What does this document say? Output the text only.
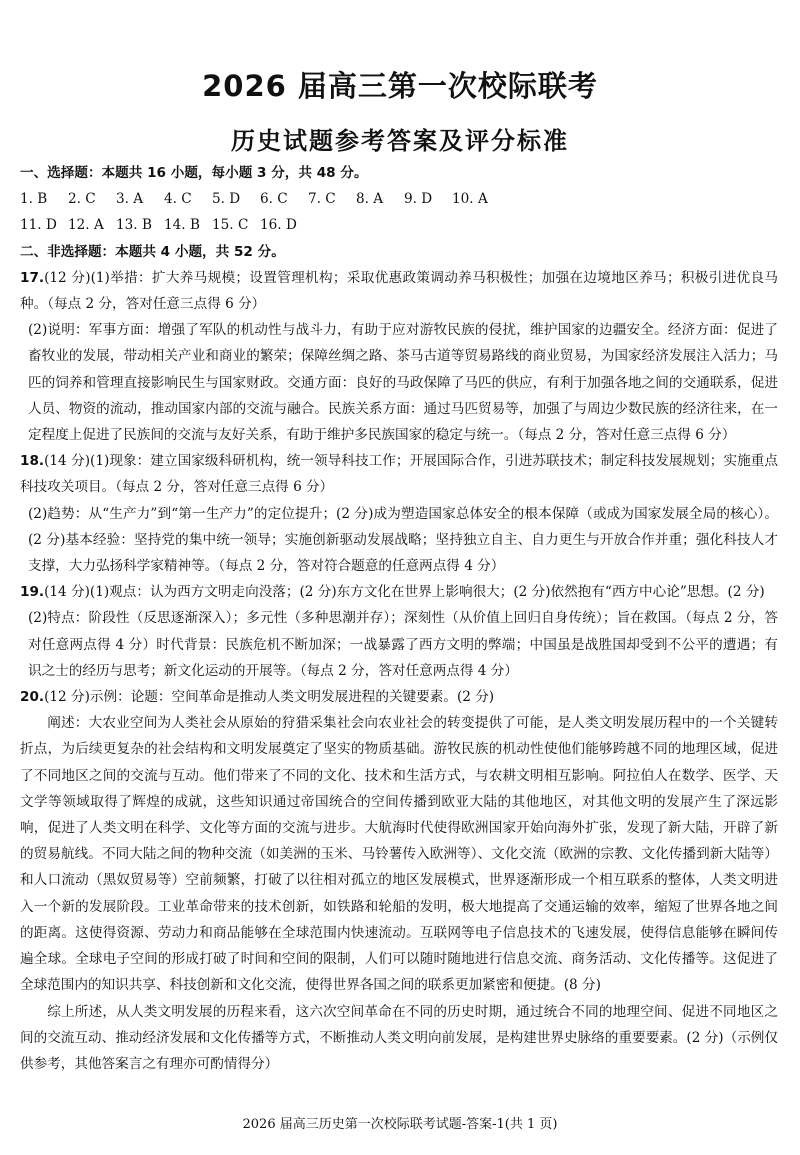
2026 届高三第一次校际联考
历史试题参考答案及评分标准
一、选择题：本题共 16 小题，每小题 3 分，共 48 分。
1. B	2. C	3. A	4. C	5. D	6. C	7. C	8. A	9. D	10. A
11. D 12. A 13. B 14. B 15. C 16. D
二、非选择题：本题共 4 小题，共 52 分。

17.(12 分)(1)举措：扩大养马规模；设置管理机构；采取优惠政策调动养马积极性；加强在边境地区养马；积极引进优良马种。（每点 2 分，答对任意三点得 6 分）

(2)说明：军事方面：增强了军队的机动性与战斗力，有助于应对游牧民族的侵扰，维护国家的边疆安全。经济方面：促进了畜牧业的发展，带动相关产业和商业的繁荣；保障丝绸之路、茶马古道等贸易路线的商业贸易，为国家经济发展注入活力；马匹的饲养和管理直接影响民生与国家财政。交通方面：良好的马政保障了马匹的供应，有利于加强各地之间的交通联系，促进人员、物资的流动，推动国家内部的交流与融合。民族关系方面：通过马匹贸易等，加强了与周边少数民族的经济往来，在一定程度上促进了民族间的交流与友好关系，有助于维护多民族国家的稳定与统一。（每点 2 分，答对任意三点得 6 分）

18.(14 分)(1)现象：建立国家级科研机构，统一领导科技工作；开展国际合作，引进苏联技术；制定科技发展规划；实施重点科技攻关项目。（每点 2 分，答对任意三点得 6 分）

(2)趋势：从“生产力”到“第一生产力”的定位提升；(2 分)成为塑造国家总体安全的根本保障（或成为国家发展全局的核心）。(2 分)基本经验：坚持党的集中统一领导；实施创新驱动发展战略；坚持独立自主、自力更生与开放合作并重；强化科技人才支撑，大力弘扬科学家精神等。（每点 2 分，答对符合题意的任意两点得 4 分）

19.(14 分)(1)观点：认为西方文明走向没落；(2 分)东方文化在世界上影响很大；(2 分)依然抱有“西方中心论”思想。(2 分)

(2)特点：阶段性（反思逐渐深入）；多元性（多种思潮并存）；深刻性（从价值上回归自身传统）；旨在救国。（每点 2 分，答对任意两点得 4 分）时代背景：民族危机不断加深；一战暴露了西方文明的弊端；中国虽是战胜国却受到不公平的遭遇；有识之士的经历与思考；新文化运动的开展等。（每点 2 分，答对任意两点得 4 分）

20.(12 分)示例：论题：空间革命是推动人类文明发展进程的关键要素。(2 分)

阐述：大农业空间为人类社会从原始的狩猎采集社会向农业社会的转变提供了可能，是人类文明发展历程中的一个关键转折点，为后续更复杂的社会结构和文明发展奠定了坚实的物质基础。游牧民族的机动性使他们能够跨越不同的地理区域，促进了不同地区之间的交流与互动。他们带来了不同的文化、技术和生活方式，与农耕文明相互影响。阿拉伯人在数学、医学、天文学等领域取得了辉煌的成就，这些知识通过帝国统合的空间传播到欧亚大陆的其他地区，对其他文明的发展产生了深远影响，促进了人类文明在科学、文化等方面的交流与进步。大航海时代使得欧洲国家开始向海外扩张，发现了新大陆，开辟了新的贸易航线。不同大陆之间的物种交流（如美洲的玉米、马铃薯传入欧洲等）、文化交流（欧洲的宗教、文化传播到新大陆等）和人口流动（黑奴贸易等）空前频繁，打破了以往相对孤立的地区发展模式，世界逐渐形成一个相互联系的整体，人类文明进入一个新的发展阶段。工业革命带来的技术创新，如铁路和轮船的发明，极大地提高了交通运输的效率，缩短了世界各地之间的距离。这使得资源、劳动力和商品能够在全球范围内快速流动。互联网等电子信息技术的飞速发展，使得信息能够在瞬间传遍全球。全球电子空间的形成打破了时间和空间的限制，人们可以随时随地进行信息交流、商务活动、文化传播等。这促进了全球范围内的知识共享、科技创新和文化交流，使得世界各国之间的联系更加紧密和便捷。(8 分)

综上所述，从人类文明发展的历程来看，这六次空间革命在不同的历史时期，通过统合不同的地理空间、促进不同地区之间的交流互动、推动经济发展和文化传播等方式，不断推动人类文明向前发展，是构建世界史脉络的重要要素。(2 分)（示例仅供参考，其他答案言之有理亦可酌情得分）

2026 届高三历史第一次校际联考试题-答案-1(共 1 页)
